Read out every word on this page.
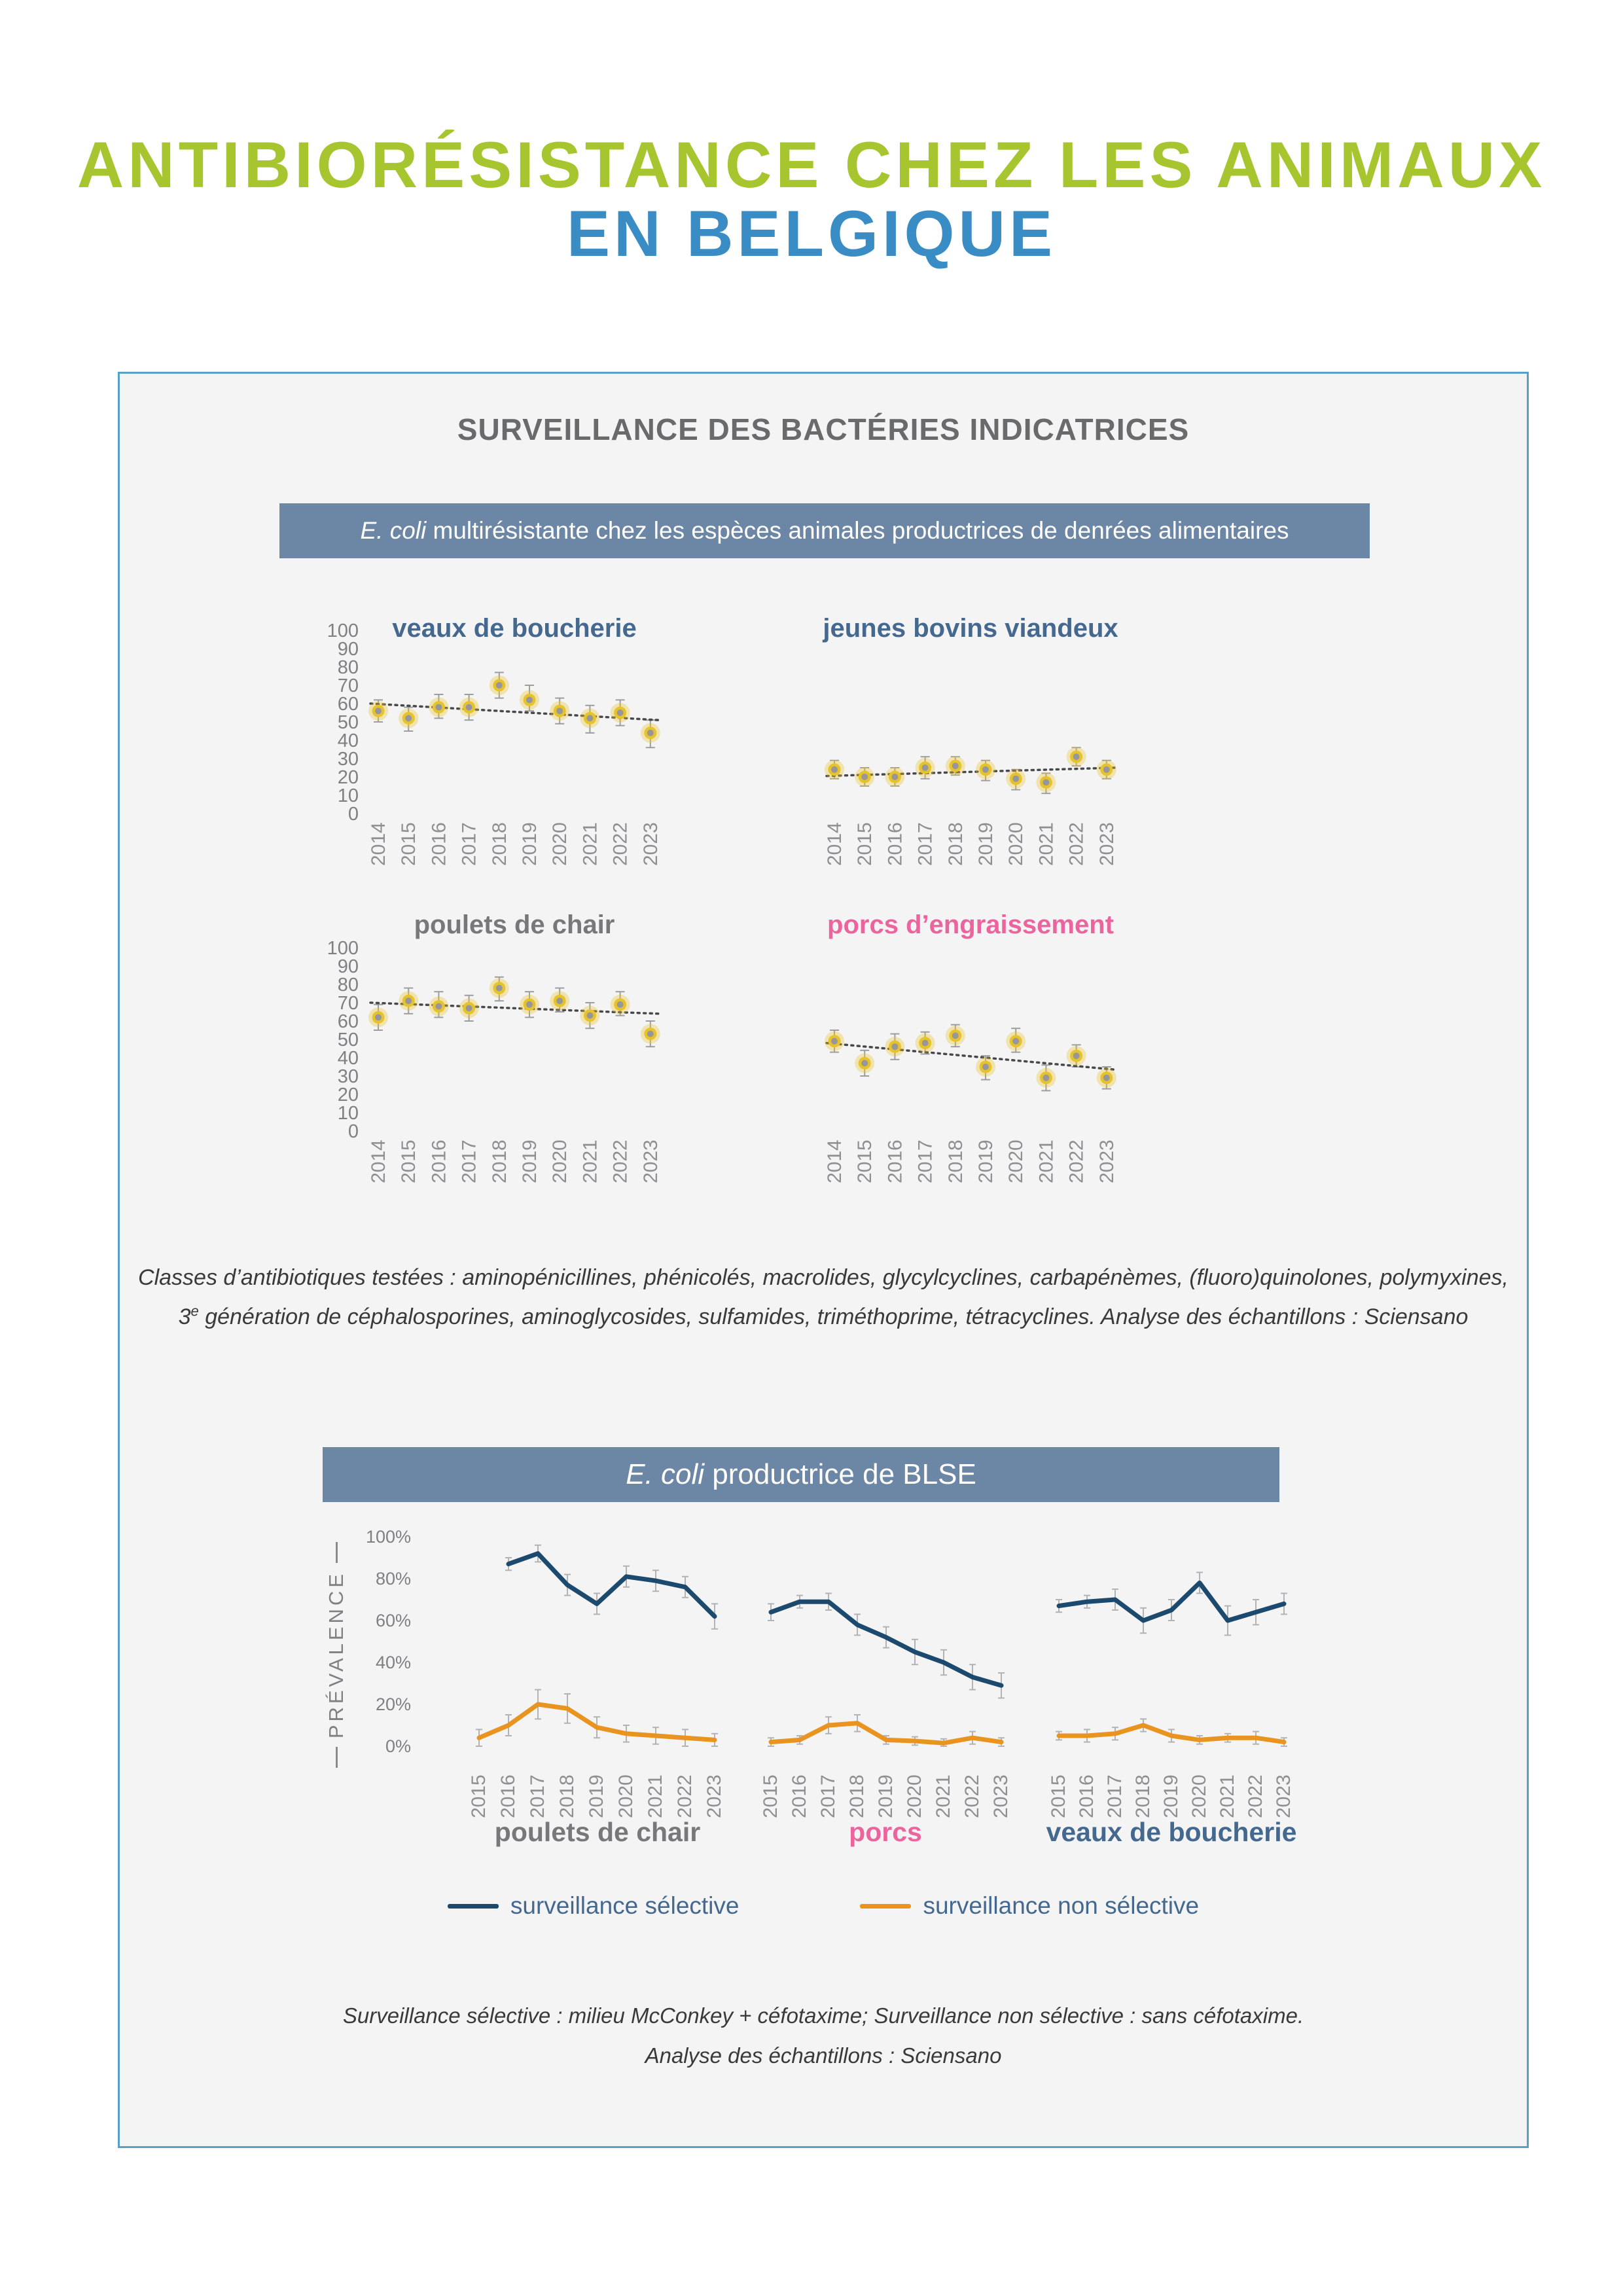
ANTIBIORÉSISTANCE CHEZ LES ANIMAUX
EN BELGIQUE
SURVEILLANCE DES BACTÉRIES INDICATRICES
E. coli multirésistante chez les espèces animales productrices de denrées alimentaires
0
10
20
30
40
50
60
70
80
90
100 veaux de boucherie
2014 2015 2016 2017 2018 2019 2020 2021 2022 2023
jeunes bovins viandeux
2014 2015 2016 2017 2018 2019 2020 2021 2022 2023
0
10
20
30
40
50
60
70
80
90
100
poulets de chair
2014 2015 2016 2017 2018 2019 2020 2021 2022 2023
porcs d’engraissement
2014 2015 2016 2017 2018 2019 2020 2021 2022 2023
Classes d’antibiotiques testées : aminopénicillines, phénicolés, macrolides, glycylcyclines, carbapénèmes, (fluoro)quinolones, polymyxines,
3e génération de céphalosporines, aminoglycosides, sulfamides, triméthoprime, tétracyclines. Analyse des échantillons : Sciensano
E. coli productrice de BLSE
PRÉVALENCE
0%
20%
40%
60%
80%
100%
2015 2016 2017 2018 2019 2020 2021 2022 2023 2015 2016 2017 2018 2019 2020 2021 2022 2023 2015 2016 2017 2018 2019 2020 2021 2022 2023
poulets de chair	porcs	veaux de boucherie
surveillance sélective	surveillance non sélective
Surveillance sélective : milieu McConkey + céfotaxime; Surveillance non sélective : sans céfotaxime.
Analyse des échantillons : Sciensano
